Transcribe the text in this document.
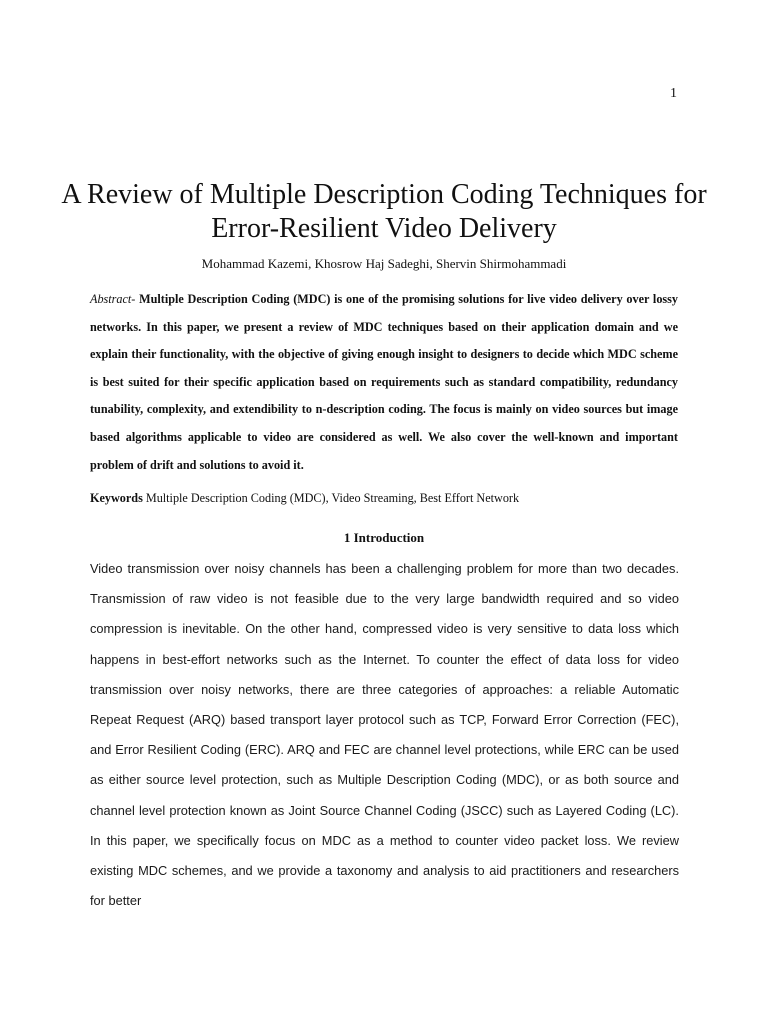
1
A Review of Multiple Description Coding Techniques for Error-Resilient Video Delivery
Mohammad Kazemi, Khosrow Haj Sadeghi, Shervin Shirmohammadi

Abstract- Multiple Description Coding (MDC) is one of the promising solutions for live video delivery over lossy networks. In this paper, we present a review of MDC techniques based on their application domain and we explain their functionality, with the objective of giving enough insight to designers to decide which MDC scheme is best suited for their specific application based on requirements such as standard compatibility, redundancy tunability, complexity, and extendibility to n-description coding. The focus is mainly on video sources but image based algorithms applicable to video are considered as well. We also cover the well-known and important problem of drift and solutions to avoid it.

Keywords Multiple Description Coding (MDC), Video Streaming, Best Effort Network

1 Introduction

Video transmission over noisy channels has been a challenging problem for more than two decades. Transmission of raw video is not feasible due to the very large bandwidth required and so video compression is inevitable. On the other hand, compressed video is very sensitive to data loss which happens in best-effort networks such as the Internet. To counter the effect of data loss for video transmission over noisy networks, there are three categories of approaches: a reliable Automatic Repeat Request (ARQ) based transport layer protocol such as TCP, Forward Error Correction (FEC), and Error Resilient Coding (ERC). ARQ and FEC are channel level protections, while ERC can be used as either source level protection, such as Multiple Description Coding (MDC), or as both source and channel level protection known as Joint Source Channel Coding (JSCC) such as Layered Coding (LC). In this paper, we specifically focus on MDC as a method to counter video packet loss. We review existing MDC schemes, and we provide a taxonomy and analysis to aid practitioners and researchers for better
